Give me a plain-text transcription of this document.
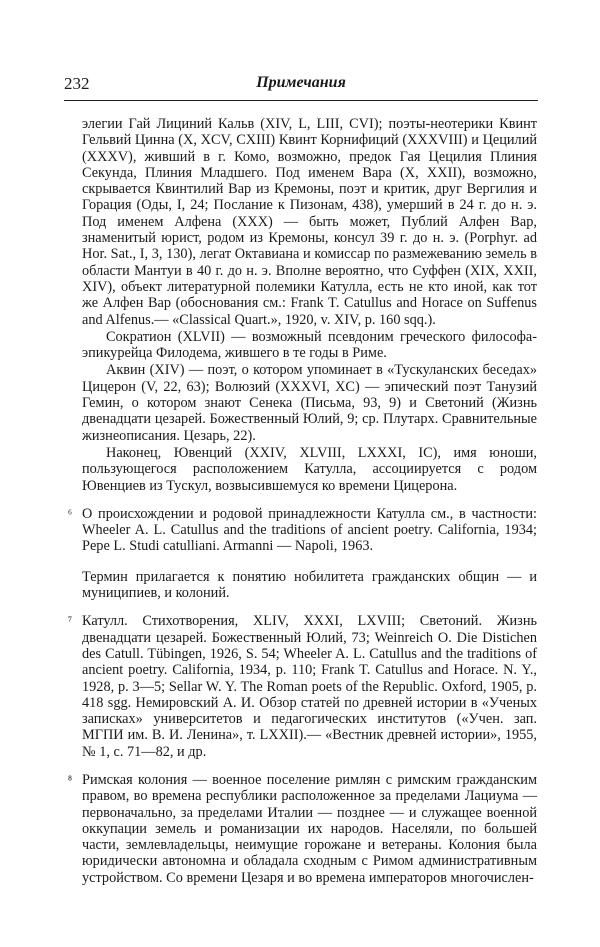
232	Примечания

элегии Гай Лициний Кальв (XIV, L, LIII, CVI); поэты-неотерики Квинт Гельвий Цинна (X, XCV, CXIII) Квинт Корнифиций (XXXVIII) и Цецилий (XXXV), живший в г. Комо, возможно, предок Гая Цецилия Плиния Секунда, Плиния Младшего. Под именем Вара (X, XXII), возможно, скрывается Квинтилий Вар из Кремоны, поэт и критик, друг Вергилия и Горация (Оды, I, 24; Послание к Пизонам, 438), умерший в 24 г. до н. э. Под именем Алфена (XXX) — быть может, Публий Алфен Вар, знаменитый юрист, родом из Кремоны, консул 39 г. до н. э. (Porphyr. ad Hor. Sat., I, 3, 130), легат Октавиана и комиссар по размежеванию земель в области Мантуи в 40 г. до н. э. Вполне вероятно, что Суффен (XIX, XXII, XIV), объект литературной полемики Катулла, есть не кто иной, как тот же Алфен Вар (обоснования см.: Frank T. Catullus and Horace on Suffenus and Alfenus.— «Classical Quart.», 1920, v. XIV, p. 160 sqq.).

Сократион (XLVII) — возможный псевдоним греческого философа-эпикурейца Филодема, жившего в те годы в Риме.

Аквин (XIV) — поэт, о котором упоминает в «Тускуланских беседах» Цицерон (V, 22, 63); Волюзий (XXXVI, XC) — эпический поэт Танузий Гемин, о котором знают Сенека (Письма, 93, 9) и Светоний (Жизнь двенадцати цезарей. Божественный Юлий, 9; ср. Плутарх. Сравнительные жизнеописания. Цезарь, 22).

Наконец, Ювенций (XXIV, XLVIII, LXXXI, IC), имя юноши, пользующегося расположением Катулла, ассоциируется с родом Ювенциев из Тускул, возвысившемуся ко времени Цицерона.

⁶ О происхождении и родовой принадлежности Катулла см., в частности: Wheeler A. L. Catullus and the traditions of ancient poetry. California, 1934; Pepe L. Studi catulliani. Armanni — Napoli, 1963.

Термин прилагается к понятию нобилитета гражданских общин — и муниципиев, и колоний.

⁷ Катулл. Стихотворения, XLIV, XXXI, LXVIII; Светоний. Жизнь двенадцати цезарей. Божественный Юлий, 73; Weinreich O. Die Distichen des Catull. Tübingen, 1926, S. 54; Wheeler A. L. Catullus and the traditions of ancient poetry. California, 1934, p. 110; Frank T. Catullus and Horace. N. Y., 1928, p. 3—5; Sellar W. Y. The Roman poets of the Republic. Oxford, 1905, p. 418 sgg. Немировский А. И. Обзор статей по древней истории в «Ученых записках» университетов и педагогических институтов («Учен. зап. МГПИ им. В. И. Ленина», т. LXXII).— «Вестник древней истории», 1955, № 1, с. 71—82, и др.

⁸ Римская колония — военное поселение римлян с римским гражданским правом, во времена республики расположенное за пределами Лациума — первоначально, за пределами Италии — позднее — и служащее военной оккупации земель и романизации их народов. Населяли, по большей части, землевладельцы, неимущие горожане и ветераны. Колония была юридически автономна и обладала сходным с Римом административным устройством. Со времени Цезаря и во времена императоров многочислен-
